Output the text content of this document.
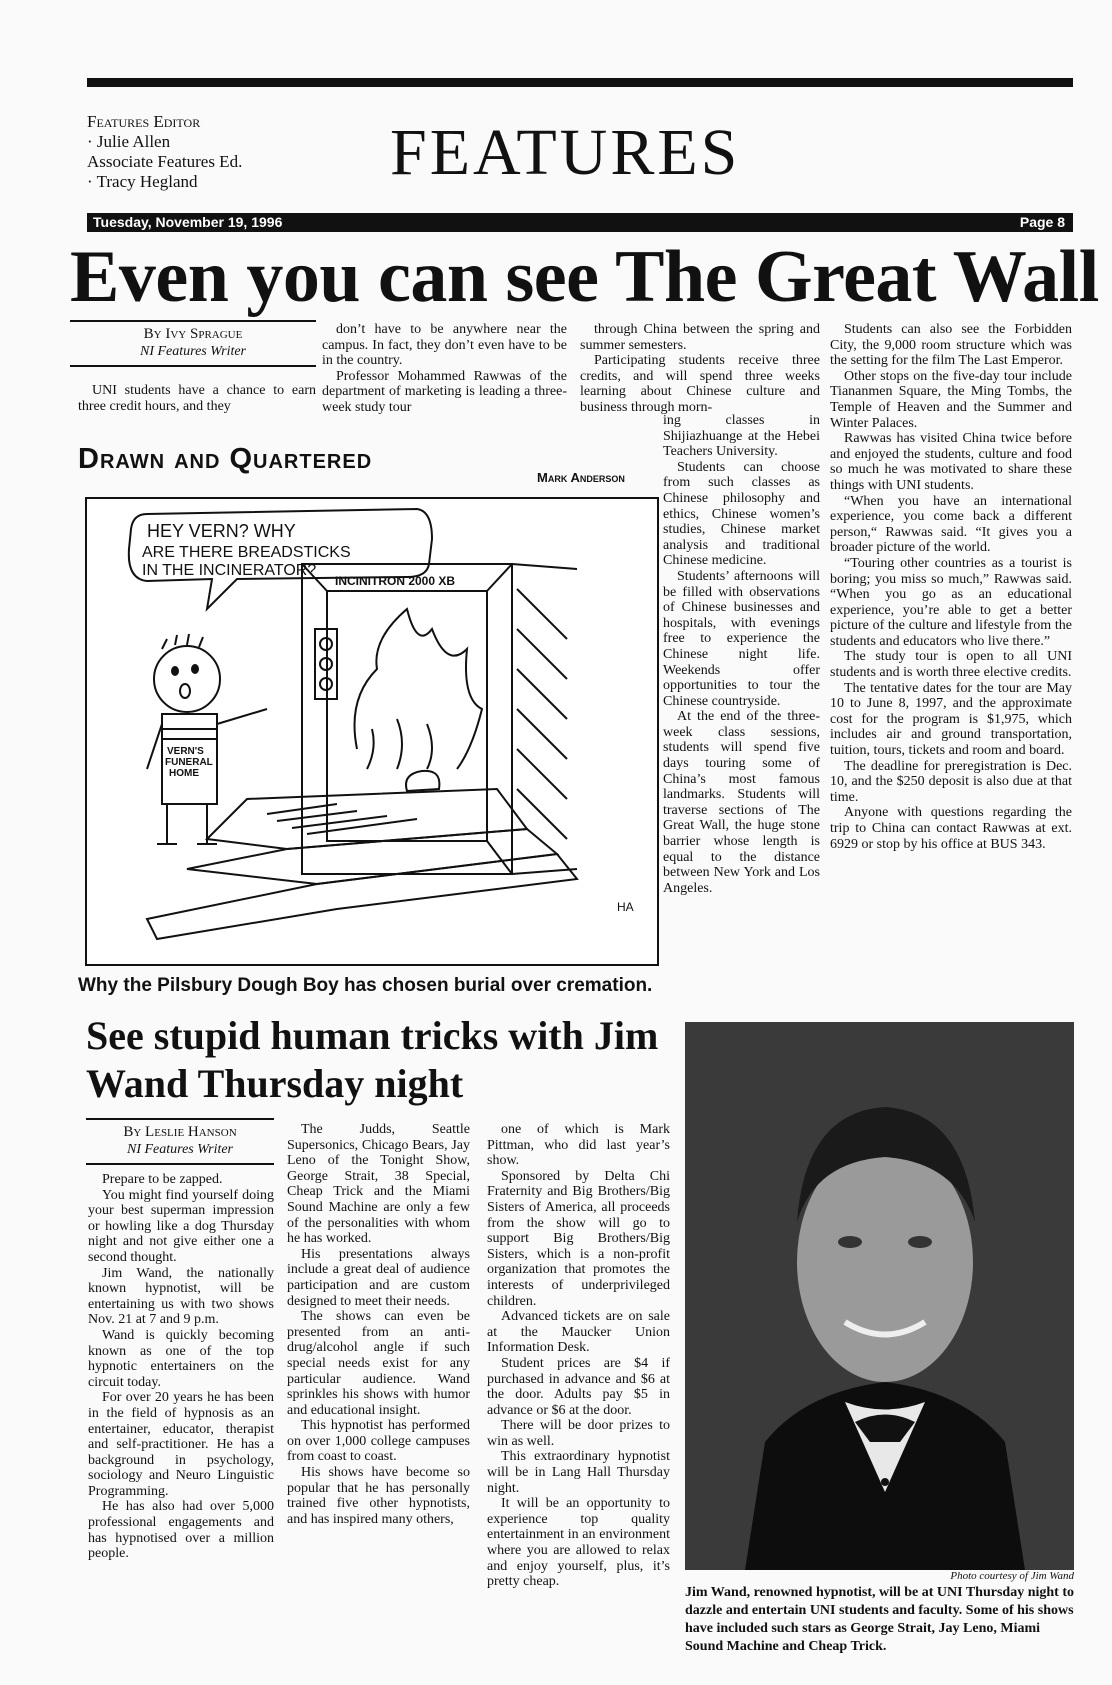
Features Editor
· Julie Allen
Associate Features Ed.
· Tracy Hegland	FEATURES
Tuesday, November 19, 1996	Page 8
Even you can see The Great Wall
By Ivy Sprague
NI Features Writer

UNI students have a chance to earn three credit hours, and they

don’t have to be anywhere near the campus. In fact, they don’t even have to be in the country.

Professor Mohammed Rawwas of the department of marketing is leading a three-week study tour

through China between the spring and summer semesters.

Participating students receive three credits, and will spend three weeks learning about Chinese culture and business through morn-

ing classes in Shijiazhuange at the Hebei Teachers University.

Students can choose from such classes as Chinese philosophy and ethics, Chinese women’s studies, Chinese market analysis and traditional Chinese medicine.

Students’ afternoons will be filled with observations of Chinese businesses and hospitals, with evenings free to experience the Chinese night life. Weekends offer opportunities to tour the Chinese countryside.

At the end of the three-week class sessions, students will spend five days touring some of China’s most famous landmarks. Students will traverse sections of The Great Wall, the huge stone barrier whose length is equal to the distance between New York and Los Angeles.

Students can also see the Forbidden City, the 9,000 room structure which was the setting for the film The Last Emperor.

Other stops on the five-day tour include Tiananmen Square, the Ming Tombs, the Temple of Heaven and the Summer and Winter Palaces.

Rawwas has visited China twice before and enjoyed the students, culture and food so much he was motivated to share these things with UNI students.

“When you have an international experience, you come back a different person,“ Rawwas said. “It gives you a broader picture of the world.

“Touring other countries as a tourist is boring; you miss so much,” Rawwas said. “When you go as an educational experience, you’re able to get a better picture of the culture and lifestyle from the students and educators who live there.”

The study tour is open to all UNI students and is worth three elective credits.

The tentative dates for the tour are May 10 to June 8, 1997, and the approximate cost for the program is $1,975, which includes air and ground transportation, tuition, tours, tickets and room and board.

The deadline for preregistration is Dec. 10, and the $250 deposit is also due at that time.

Anyone with questions regarding the trip to China can contact Rawwas at ext. 6929 or stop by his office at BUS 343.

Drawn and Quartered
Mark Anderson
HEY VERN? WHY
ARE THERE BREADSTICKS
IN THE INCINERATOR?
INCINITRON 2000 XB
VERN'S
FUNERAL
HOME
HA
Why the Pilsbury Dough Boy has chosen burial over cremation.
See stupid human tricks with Jim Wand Thursday night
By Leslie Hanson
NI Features Writer

Prepare to be zapped.

You might find yourself doing your best superman impression or howling like a dog Thursday night and not give either one a second thought.

Jim Wand, the nationally known hypnotist, will be entertaining us with two shows Nov. 21 at 7 and 9 p.m.

Wand is quickly becoming known as one of the top hypnotic entertainers on the circuit today.

For over 20 years he has been in the field of hypnosis as an entertainer, educator, therapist and self-practitioner. He has a background in psychology, sociology and Neuro Linguistic Programming.

He has also had over 5,000 professional engagements and has hypnotised over a million people.

The Judds, Seattle Supersonics, Chicago Bears, Jay Leno of the Tonight Show, George Strait, 38 Special, Cheap Trick and the Miami Sound Machine are only a few of the personalities with whom he has worked.

His presentations always include a great deal of audience participation and are custom designed to meet their needs.

The shows can even be presented from an anti-drug/alcohol angle if such special needs exist for any particular audience. Wand sprinkles his shows with humor and educational insight.

This hypnotist has performed on over 1,000 college campuses from coast to coast.

His shows have become so popular that he has personally trained five other hypnotists, and has inspired many others,

one of which is Mark Pittman, who did last year’s show.

Sponsored by Delta Chi Fraternity and Big Brothers/Big Sisters of America, all proceeds from the show will go to support Big Brothers/Big Sisters, which is a non-profit organization that promotes the interests of underprivileged children.

Advanced tickets are on sale at the Maucker Union Information Desk.

Student prices are $4 if purchased in advance and $6 at the door. Adults pay $5 in advance or $6 at the door.

There will be door prizes to win as well.

This extraordinary hypnotist will be in Lang Hall Thursday night.

It will be an opportunity to experience top quality entertainment in an environment where you are allowed to relax and enjoy yourself, plus, it’s pretty cheap.	Photo courtesy of Jim Wand
Jim Wand, renowned hypnotist, will be at UNI Thursday night to dazzle and entertain UNI students and faculty. Some of his shows have included such stars as George Strait, Jay Leno, Miami Sound Machine and Cheap Trick.
